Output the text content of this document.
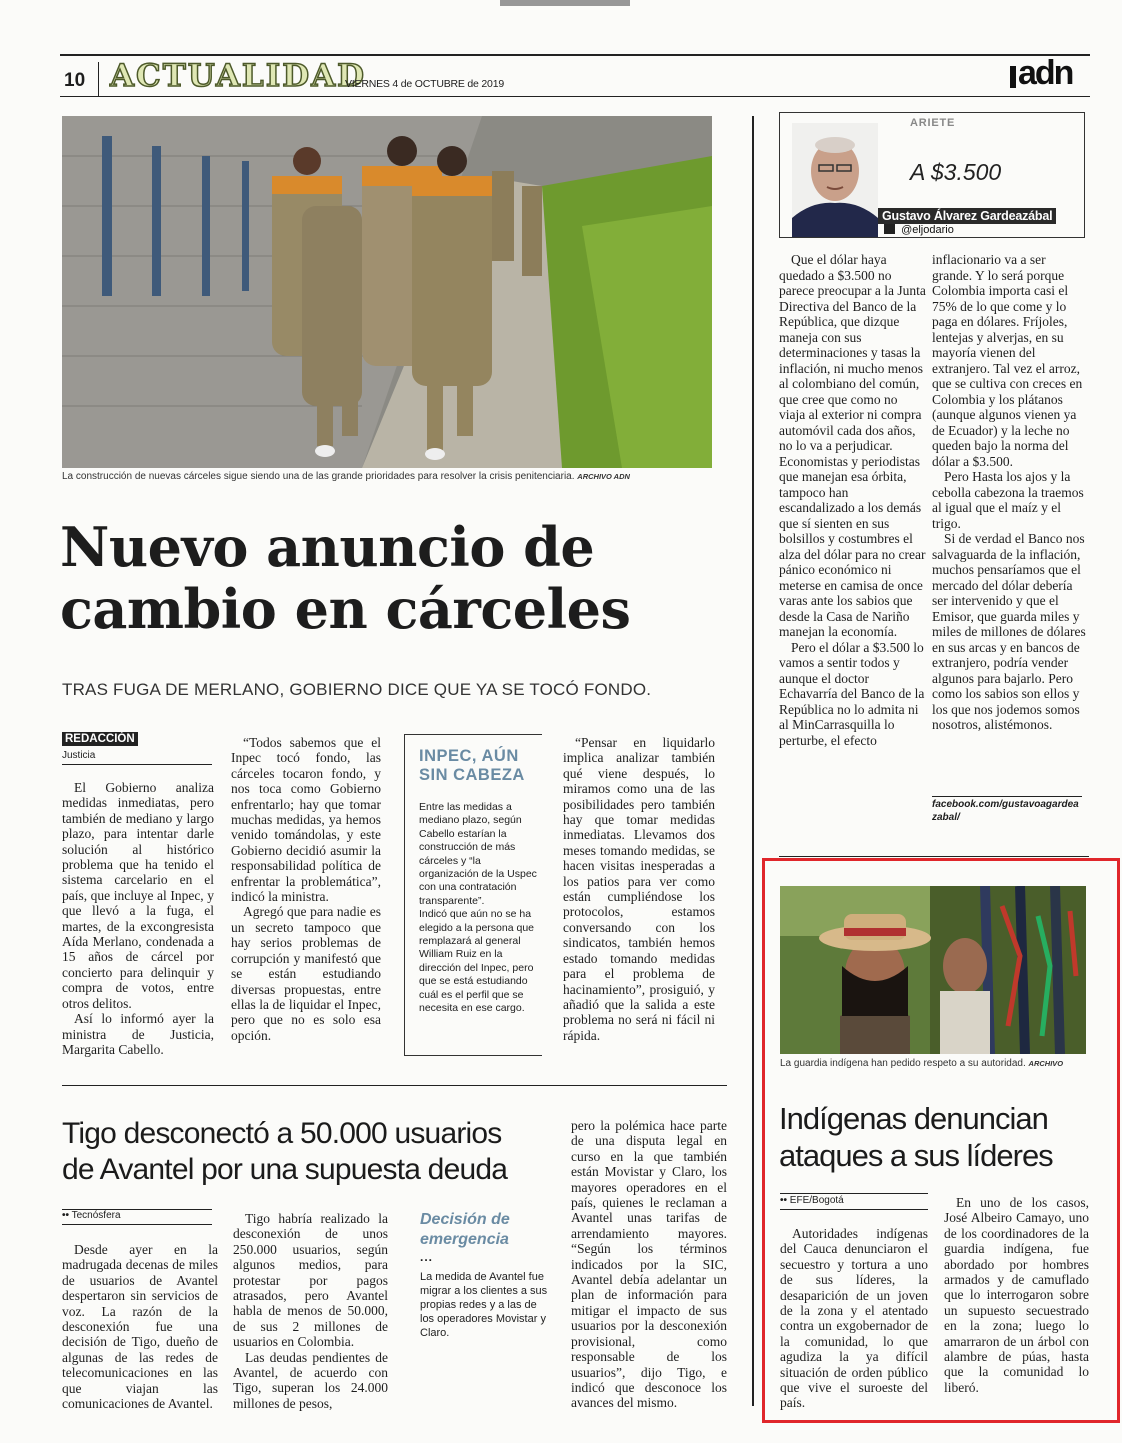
10 ACTUALIDAD
VIERNES 4 de OCTUBRE de 2019	adn
La construcción de nuevas cárceles sigue siendo una de las grande prioridades para resolver la crisis penitenciaria. ARCHIVO ADN
Nuevo anuncio de
cambio en cárceles
TRAS FUGA DE MERLANO, GOBIERNO DICE QUE YA SE TOCÓ FONDO.
REDACCIÓN
Justicia

El Gobierno analiza medidas inmediatas, pero también de mediano y largo plazo, para intentar darle solución al histórico problema que ha tenido el sistema carcelario en el país, que incluye al Inpec, y que llevó a la fuga, el martes, de la excongresista Aída Merlano, condenada a 15 años de cárcel por concierto para delinquir y compra de votos, entre otros delitos.

Así lo informó ayer la ministra de Justicia, Margarita Cabello.

“Todos sabemos que el Inpec tocó fondo, las cárceles tocaron fondo, y nos toca como Gobierno enfrentarlo; hay que tomar muchas medidas, ya hemos venido tomándolas, y este Gobierno decidió asumir la responsabilidad política de enfrentar la problemática”, indicó la ministra.

Agregó que para nadie es un secreto tampoco que hay serios problemas de corrupción y manifestó que se están estudiando diversas propuestas, entre ellas la de liquidar el Inpec, pero que no es solo esa opción.

INPEC, AÚN
SIN CABEZA

Entre las medidas a mediano plazo, según Cabello estarían la construcción de más cárceles y “la organización de la Uspec con una contratación transparente”.

Indicó que aún no se ha elegido a la persona que remplazará al general William Ruiz en la dirección del Inpec, pero que se está estudiando cuál es el perfil que se necesita en ese cargo.

“Pensar en liquidarlo implica analizar también qué viene después, lo miramos como una de las posibilidades pero también hay que tomar medidas inmediatas. Llevamos dos meses tomando medidas, se hacen visitas inesperadas a los patios para ver como están cumpliéndose los protocolos, estamos conversando con los sindicatos, también hemos estado tomando medidas para el problema de hacinamiento”, prosiguió, y añadió que la salida a este problema no será ni fácil ni rápida.

Tigo desconectó a 50.000 usuarios
de Avantel por una supuesta deuda
•• Tecnósfera

Desde ayer en la madrugada decenas de miles de usuarios de Avantel despertaron sin servicios de voz. La razón de la desconexión fue una decisión de Tigo, dueño de algunas de las redes de telecomunicaciones en las que viajan las comunicaciones de Avantel.

Tigo habría realizado la desconexión de unos 250.000 usuarios, según algunos medios, para protestar por pagos atrasados, pero Avantel habla de menos de 50.000, de sus 2 millones de usuarios en Colombia.

Las deudas pendientes de Avantel, de acuerdo con Tigo, superan los 24.000 millones de pesos,

Decisión de
emergencia
...
La medida de Avantel fue migrar a los clientes a sus propias redes y a las de los operadores Movistar y Claro.

pero la polémica hace parte de una disputa legal en curso en la que también están Movistar y Claro, los mayores operadores en el país, quienes le reclaman a Avantel unas tarifas de arrendamiento mayores. “Según los términos indicados por la SIC, Avantel debía adelantar un plan de información para mitigar el impacto de sus usuarios por la desconexión provisional, como responsable de los usuarios”, dijo Tigo, e indicó que desconoce los avances del mismo.

ARIETE
A $3.500
Gustavo Álvarez Gardeazábal
@eljodario

Que el dólar haya quedado a $3.500 no parece preocupar a la Junta Directiva del Banco de la República, que dizque maneja con sus determinaciones y tasas la inflación, ni mucho menos al colombiano del común, que cree que como no viaja al exterior ni compra automóvil cada dos años, no lo va a perjudicar. Economistas y periodistas que manejan esa órbita, tampoco han escandalizado a los demás que sí sienten en sus bolsillos y costumbres el alza del dólar para no crear pánico económico ni meterse en camisa de once varas ante los sabios que desde la Casa de Nariño manejan la economía.

Pero el dólar a $3.500 lo vamos a sentir todos y aunque el doctor Echavarría del Banco de la República no lo admita ni al MinCarrasquilla lo perturbe, el efecto

inflacionario va a ser grande. Y lo será porque Colombia importa casi el 75% de lo que come y lo paga en dólares. Fríjoles, lentejas y alverjas, en su mayoría vienen del extranjero. Tal vez el arroz, que se cultiva con creces en Colombia y los plátanos (aunque algunos vienen ya de Ecuador) y la leche no queden bajo la norma del dólar a $3.500.

Pero Hasta los ajos y la cebolla cabezona la traemos al igual que el maíz y el trigo.

Si de verdad el Banco nos salvaguarda de la inflación, muchos pensaríamos que el mercado del dólar debería ser intervenido y que el Emisor, que guarda miles y miles de millones de dólares en sus arcas y en bancos de extranjero, podría vender algunos para bajarlo. Pero como los sabios son ellos y los que nos jodemos somos nosotros, alistémonos.

facebook.com/gustavoagardeazabal/
La guardia indígena han pedido respeto a su autoridad. ARCHIVO
Indígenas denuncian
ataques a sus líderes
•• EFE/Bogotá

Autoridades indígenas del Cauca denunciaron el secuestro y tortura a uno de sus líderes, la desaparición de un joven de la zona y el atentado contra un exgobernador de la comunidad, lo que agudiza la ya difícil situación de orden público que vive el suroeste del país.

En uno de los casos, José Albeiro Camayo, uno de los coordinadores de la guardia indígena, fue abordado por hombres armados y de camuflado que lo interrogaron sobre un supuesto secuestrado en la zona; luego lo amarraron de un árbol con alambre de púas, hasta que la comunidad lo liberó.
